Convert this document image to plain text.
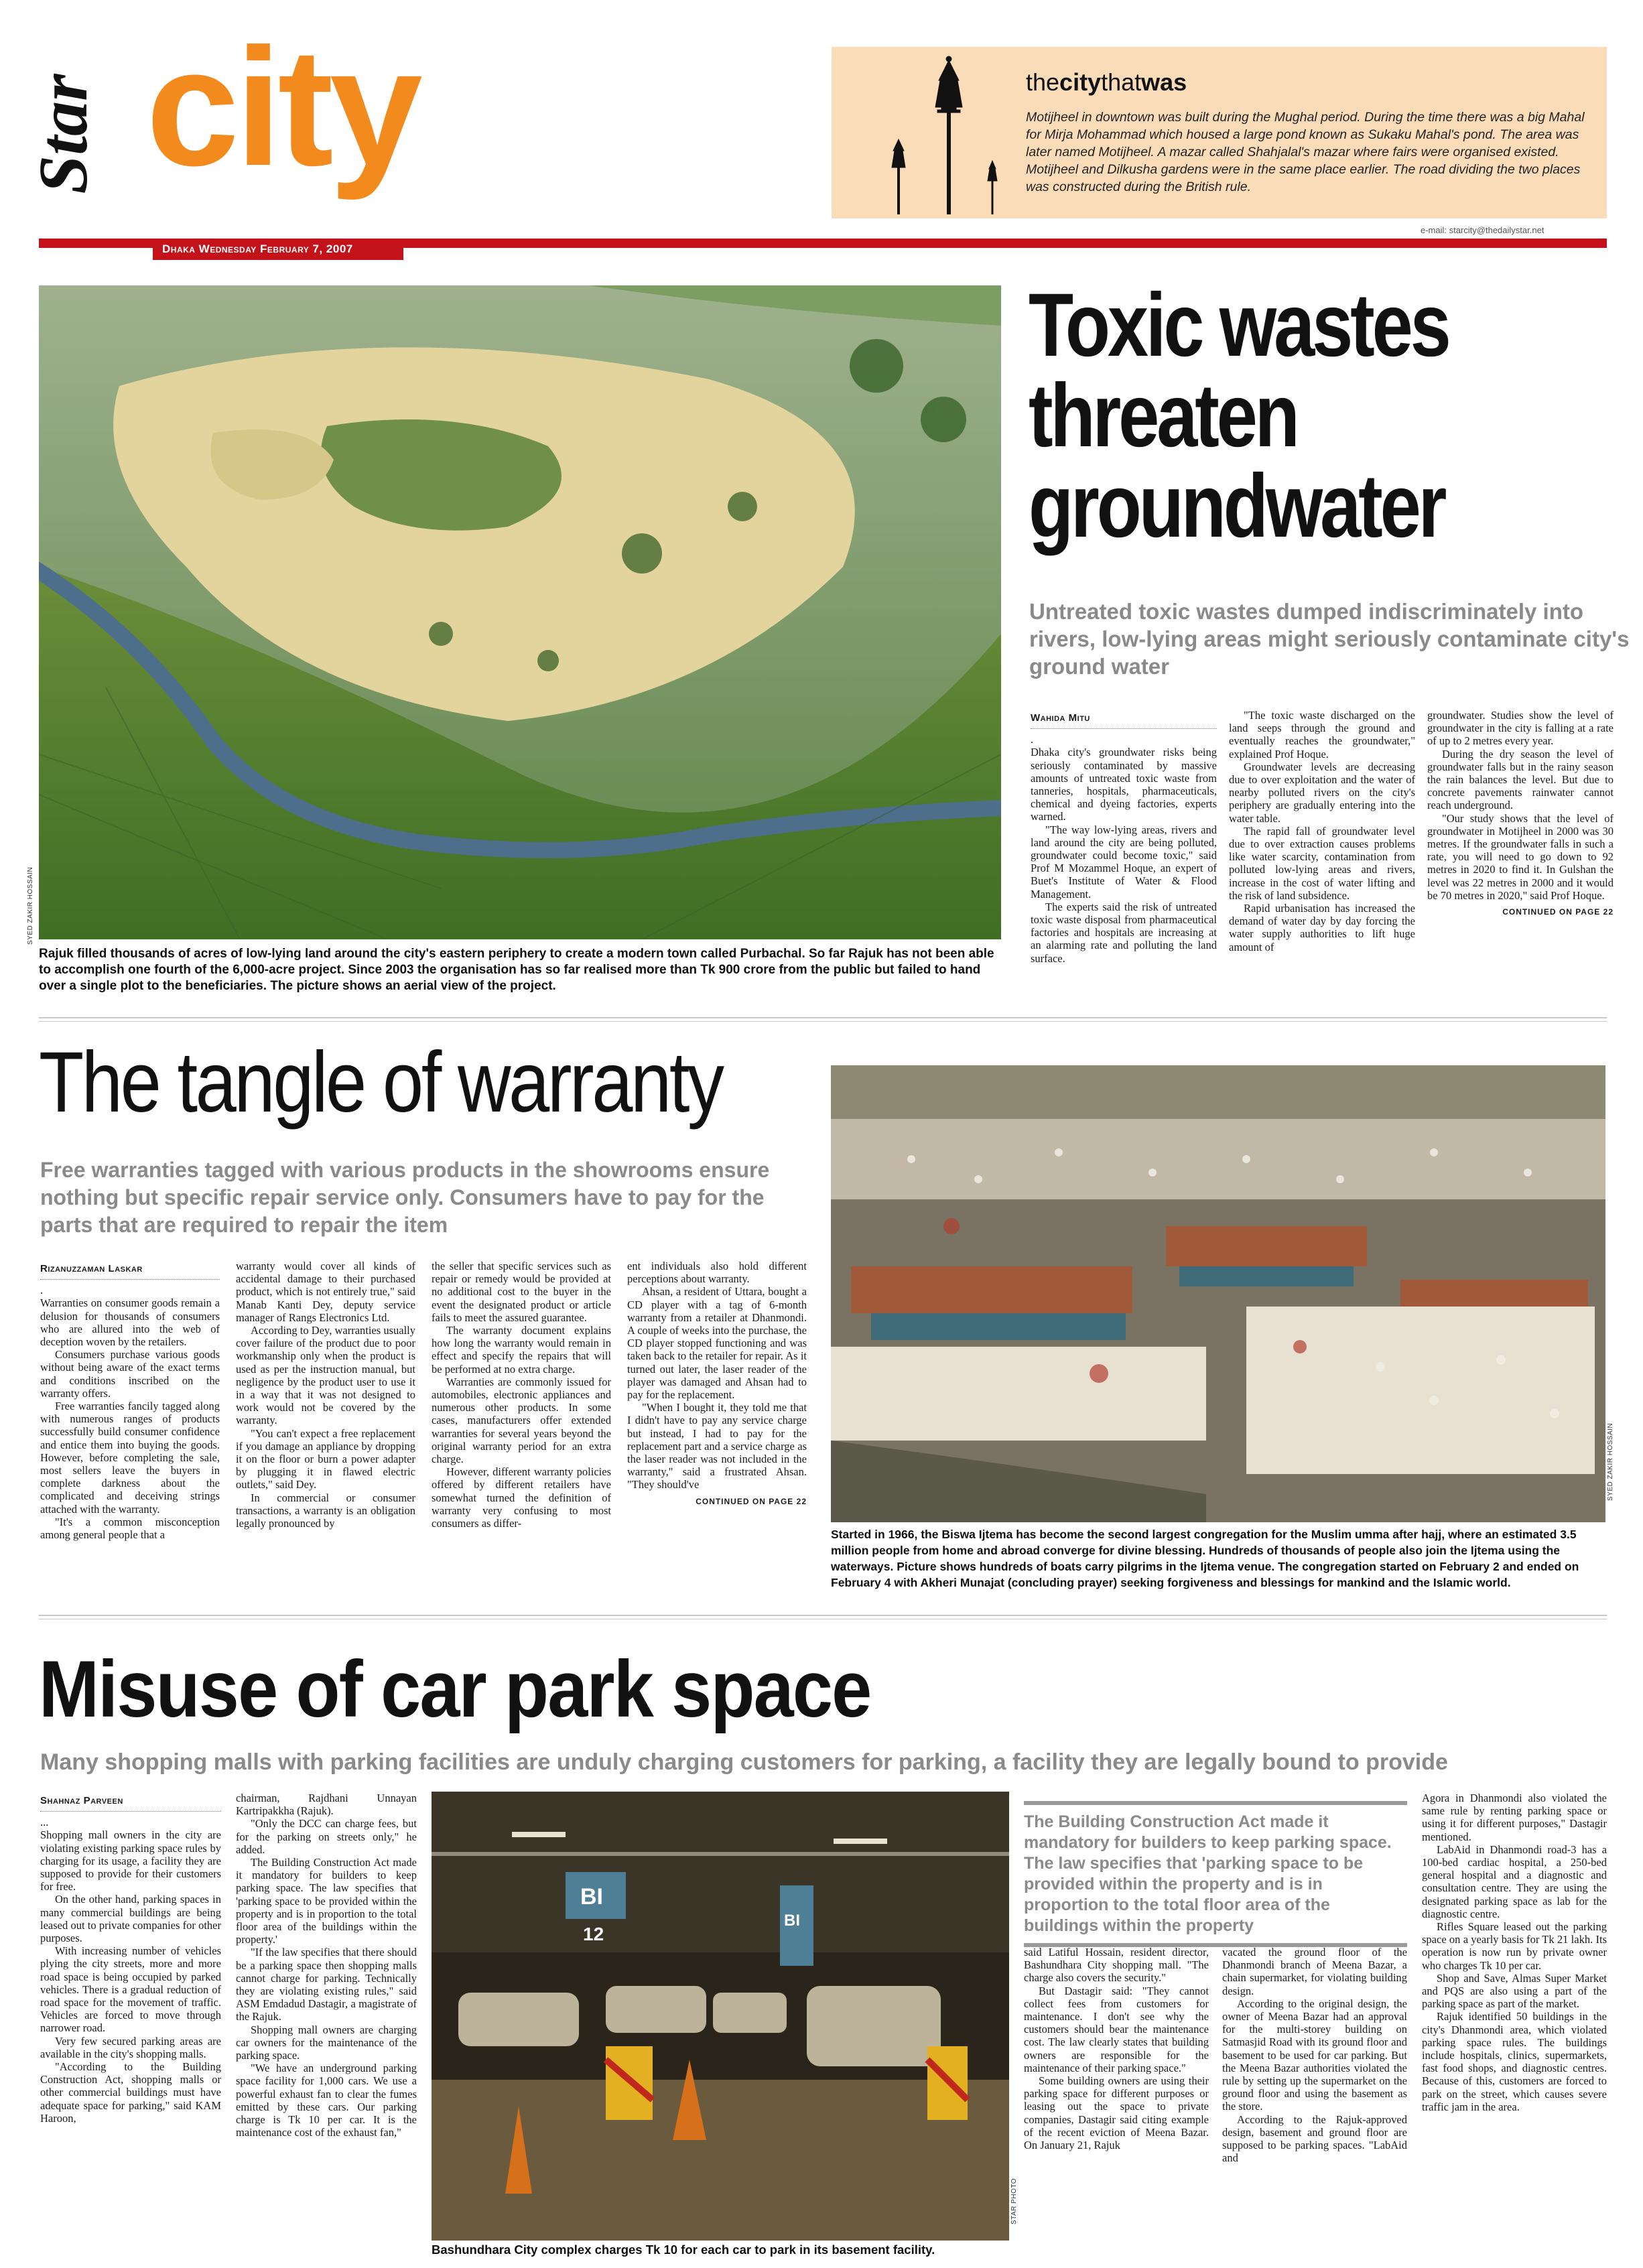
Star city	thecitythatwas
Motijheel in downtown was built during the Mughal period. During the time there was a big Mahal for Mirja Mohammad which housed a large pond known as Sukaku Mahal's pond. The area was later named Motijheel. A mazar called Shahjalal's mazar where fairs were organised existed. Motijheel and Dilkusha gardens were in the same place earlier. The road dividing the two places was constructed during the British rule.
e-mail: starcity@thedailystar.net
Dhaka Wednesday February 7, 2007
SYED ZAKIR HOSSAIN
Rajuk filled thousands of acres of low-lying land around the city's eastern periphery to create a modern town called Purbachal. So far Rajuk has not been able to accomplish one fourth of the 6,000-acre project. Since 2003 the organisation has so far realised more than Tk 900 crore from the public but failed to hand over a single plot to the beneficiaries. The picture shows an aerial view of the project.
Toxic wastes
threaten
groundwater
Untreated toxic wastes dumped indiscriminately into rivers, low-lying areas might seriously contaminate city's ground water
Wahida Mitu

.

Dhaka city's groundwater risks being seriously contaminated by massive amounts of untreated toxic waste from tanneries, hospitals, pharmaceuticals, chemical and dyeing factories, experts warned.

"The way low-lying areas, rivers and land around the city are being polluted, groundwater could become toxic," said Prof M Mozammel Hoque, an expert of Buet's Institute of Water & Flood Management.

The experts said the risk of untreated toxic waste disposal from pharmaceutical factories and hospitals are increasing at an alarming rate and polluting the land surface.

"The toxic waste discharged on the land seeps through the ground and eventually reaches the groundwater," explained Prof Hoque.

Groundwater levels are decreasing due to over exploitation and the water of nearby polluted rivers on the city's periphery are gradually entering into the water table.

The rapid fall of groundwater level due to over extraction causes problems like water scarcity, contamination from polluted low-lying areas and rivers, increase in the cost of water lifting and the risk of land subsidence.

Rapid urbanisation has increased the demand of water day by day forcing the water supply authorities to lift huge amount of

groundwater. Studies show the level of groundwater in the city is falling at a rate of up to 2 metres every year.

During the dry season the level of groundwater falls but in the rainy season the rain balances the level. But due to concrete pavements rainwater cannot reach underground.

"Our study shows that the level of groundwater in Motijheel in 2000 was 30 metres. If the groundwater falls in such a rate, you will need to go down to 92 metres in 2020 to find it. In Gulshan the level was 22 metres in 2000 and it would be 70 metres in 2020," said Prof Hoque.

CONTINUED ON PAGE 22
The tangle of warranty
Free warranties tagged with various products in the showrooms ensure nothing but specific repair service only. Consumers have to pay for the parts that are required to repair the item
Rizanuzzaman Laskar

.

Warranties on consumer goods remain a delusion for thousands of consumers who are allured into the web of deception woven by the retailers.

Consumers purchase various goods without being aware of the exact terms and conditions inscribed on the warranty offers.

Free warranties fancily tagged along with numerous ranges of products successfully build consumer confidence and entice them into buying the goods. However, before completing the sale, most sellers leave the buyers in complete darkness about the complicated and deceiving strings attached with the warranty.

"It's a common misconception among general people that a

warranty would cover all kinds of accidental damage to their purchased product, which is not entirely true," said Manab Kanti Dey, deputy service manager of Rangs Electronics Ltd.

According to Dey, warranties usually cover failure of the product due to poor workmanship only when the product is used as per the instruction manual, but negligence by the product user to use it in a way that it was not designed to work would not be covered by the warranty.

"You can't expect a free replacement if you damage an appliance by dropping it on the floor or burn a power adapter by plugging it in flawed electric outlets," said Dey.

In commercial or consumer transactions, a warranty is an obligation legally pronounced by

the seller that specific services such as repair or remedy would be provided at no additional cost to the buyer in the event the designated product or article fails to meet the assured guarantee.

The warranty document explains how long the warranty would remain in effect and specify the repairs that will be performed at no extra charge.

Warranties are commonly issued for automobiles, electronic appliances and numerous other products. In some cases, manufacturers offer extended warranties for several years beyond the original warranty period for an extra charge.

However, different warranty policies offered by different retailers have somewhat turned the definition of warranty very confusing to most consumers as differ-

ent individuals also hold different perceptions about warranty.

Ahsan, a resident of Uttara, bought a CD player with a tag of 6-month warranty from a retailer at Dhanmondi. A couple of weeks into the purchase, the CD player stopped functioning and was taken back to the retailer for repair. As it turned out later, the laser reader of the player was damaged and Ahsan had to pay for the replacement.

"When I bought it, they told me that I didn't have to pay any service charge but instead, I had to pay for the replacement part and a service charge as the laser reader was not included in the warranty," said a frustrated Ahsan. "They should've

CONTINUED ON PAGE 22
SYED ZAKIR HOSSAIN
Started in 1966, the Biswa Ijtema has become the second largest congregation for the Muslim umma after hajj, where an estimated 3.5 million people from home and abroad converge for divine blessing. Hundreds of thousands of people also join the Ijtema using the waterways. Picture shows hundreds of boats carry pilgrims in the Ijtema venue. The congregation started on February 2 and ended on February 4 with Akheri Munajat (concluding prayer) seeking forgiveness and blessings for mankind and the Islamic world.
Misuse of car park space
Many shopping malls with parking facilities are unduly charging customers for parking, a facility they are legally bound to provide
Shahnaz Parveen

...

Shopping mall owners in the city are violating existing parking space rules by charging for its usage, a facility they are supposed to provide for their customers for free.

On the other hand, parking spaces in many commercial buildings are being leased out to private companies for other purposes.

With increasing number of vehicles plying the city streets, more and more road space is being occupied by parked vehicles. There is a gradual reduction of road space for the movement of traffic. Vehicles are forced to move through narrower road.

Very few secured parking areas are available in the city's shopping malls.

"According to the Building Construction Act, shopping malls or other commercial buildings must have adequate space for parking," said KAM Haroon,

chairman, Rajdhani Unnayan Kartripakkha (Rajuk).

"Only the DCC can charge fees, but for the parking on streets only," he added.

The Building Construction Act made it mandatory for builders to keep parking space. The law specifies that 'parking space to be provided within the property and is in proportion to the total floor area of the buildings within the property.'

"If the law specifies that there should be a parking space then shopping malls cannot charge for parking. Technically they are violating existing rules," said ASM Emdadud Dastagir, a magistrate of the Rajuk.

Shopping mall owners are charging car owners for the maintenance of the parking space.

"We have an underground parking space facility for 1,000 cars. We use a powerful exhaust fan to clear the fumes emitted by these cars. Our parking charge is Tk 10 per car. It is the maintenance cost of the exhaust fan,"

BI
12
BI
STAR PHOTO
Bashundhara City complex charges Tk 10 for each car to park in its basement facility.
The Building Construction Act made it mandatory for builders to keep parking space. The law specifies that 'parking space to be provided within the property and is in proportion to the total floor area of the buildings within the property

said Latiful Hossain, resident director, Bashundhara City shopping mall. "The charge also covers the security."

But Dastagir said: "They cannot collect fees from customers for maintenance. I don't see why the customers should bear the maintenance cost. The law clearly states that building owners are responsible for the maintenance of their parking space."

Some building owners are using their parking space for different purposes or leasing out the space to private companies, Dastagir said citing example of the recent eviction of Meena Bazar. On January 21, Rajuk

vacated the ground floor of the Dhanmondi branch of Meena Bazar, a chain supermarket, for violating building design.

According to the original design, the owner of Meena Bazar had an approval for the multi-storey building on Satmasjid Road with its ground floor and basement to be used for car parking. But the Meena Bazar authorities violated the rule by setting up the supermarket on the ground floor and using the basement as the store.

According to the Rajuk-approved design, basement and ground floor are supposed to be parking spaces. "LabAid and

Agora in Dhanmondi also violated the same rule by renting parking space or using it for different purposes," Dastagir mentioned.

LabAid in Dhanmondi road-3 has a 100-bed cardiac hospital, a 250-bed general hospital and a diagnostic and consultation centre. They are using the designated parking space as lab for the diagnostic centre.

Rifles Square leased out the parking space on a yearly basis for Tk 21 lakh. Its operation is now run by private owner who charges Tk 10 per car.

Shop and Save, Almas Super Market and PQS are also using a part of the parking space as part of the market.

Rajuk identified 50 buildings in the city's Dhanmondi area, which violated parking space rules. The buildings include hospitals, clinics, supermarkets, fast food shops, and diagnostic centres. Because of this, customers are forced to park on the street, which causes severe traffic jam in the area.
